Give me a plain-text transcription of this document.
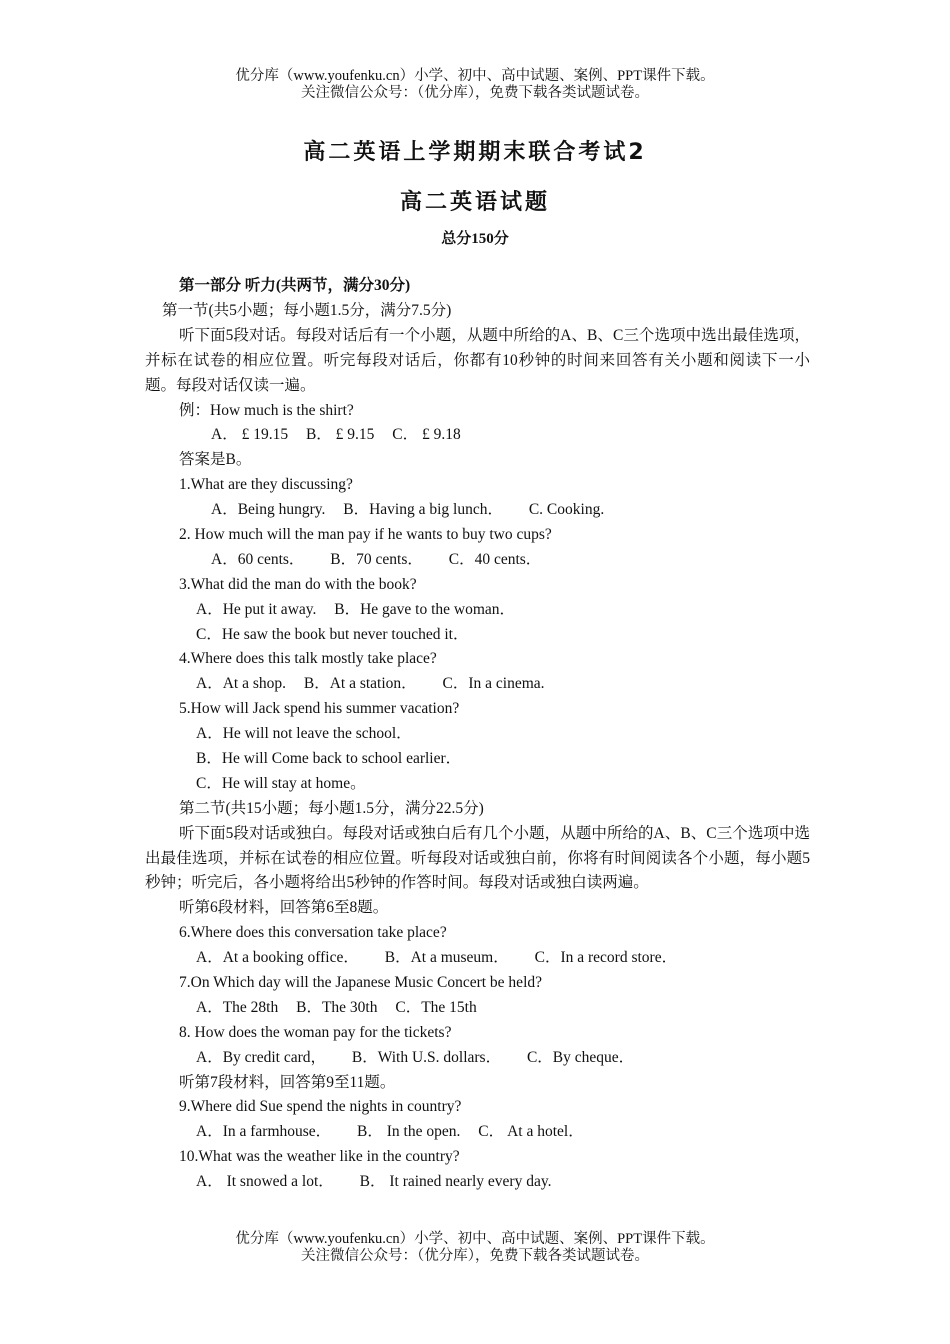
优分库（www.youfenku.cn）小学、初中、高中试题、案例、PPT课件下载。
关注微信公众号：（优分库），免费下载各类试题试卷。
高二英语上学期期末联合考试2
高二英语试题
总分150分
第一部分 听力(共两节，满分30分)
第一节(共5小题；每小题1.5分，满分7.5分)
听下面5段对话。每段对话后有一个小题，从题中所给的A、B、C三个选项中选出最佳选项，并标在试卷的相应位置。听完每段对话后，你都有10秒钟的时间来回答有关小题和阅读下一小题。每段对话仅读一遍。
例：How much is the shirt?
A． £ 19.15 B． £ 9.15 C． £ 9.18
答案是B。
1.What are they discussing?
A．Being hungry. B．Having a big lunch． C. Cooking.
2. How much will the man pay if he wants to buy two cups?
A．60 cents． B．70 cents． C．40 cents．
3.What did the man do with the book?
A．He put it away. B．He gave to the woman．
C．He saw the book but never touched it．
4.Where does this talk mostly take place?
A．At a shop. B．At a station． C．In a cinema.
5.How will Jack spend his summer vacation?
A．He will not leave the school．
B．He will Come back to school earlier．
C．He will stay at home。
第二节(共15小题；每小题1.5分，满分22.5分)
听下面5段对话或独白。每段对话或独白后有几个小题，从题中所给的A、B、C三个选项中选出最佳选项，并标在试卷的相应位置。听每段对话或独白前，你将有时间阅读各个小题，每小题5秒钟；听完后，各小题将给出5秒钟的作答时间。每段对话或独白读两遍。
听第6段材料，回答第6至8题。
6.Where does this conversation take place?
A．At a booking office． B．At a museum． C．In a record store．
7.On Which day will the Japanese Music Concert be held?
A．The 28th B．The 30th C．The 15th
8. How does the woman pay for the tickets?
A．By credit card， B．With U.S. dollars． C．By cheque．
听第7段材料，回答第9至11题。
9.Where did Sue spend the nights in country?
A．In a farmhouse． B． In the open. C． At a hotel．
10.What was the weather like in the country?
A． It snowed a lot． B． It rained nearly every day.
优分库（www.youfenku.cn）小学、初中、高中试题、案例、PPT课件下载。
关注微信公众号：（优分库），免费下载各类试题试卷。
